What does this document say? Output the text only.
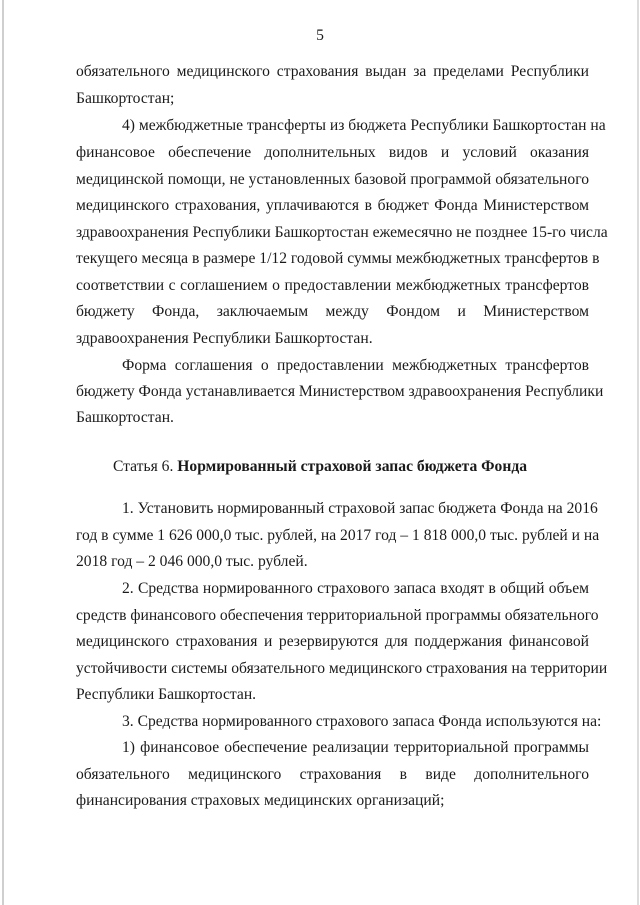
5
обязательного медицинского страхования выдан за пределами Республики
Башкортостан;
4) межбюджетные трансферты из бюджета Республики Башкортостан на
финансовое обеспечение дополнительных видов и условий оказания
медицинской помощи, не установленных базовой программой обязательного
медицинского страхования, уплачиваются в бюджет Фонда Министерством
здравоохранения Республики Башкортостан ежемесячно не позднее 15-го числа
текущего месяца в размере 1/12 годовой суммы межбюджетных трансфертов в
соответствии с соглашением о предоставлении межбюджетных трансфертов
бюджету Фонда, заключаемым между Фондом и Министерством
здравоохранения Республики Башкортостан.
Форма соглашения о предоставлении межбюджетных трансфертов
бюджету Фонда устанавливается Министерством здравоохранения Республики
Башкортостан.
Статья 6. Нормированный страховой запас бюджета Фонда
1. Установить нормированный страховой запас бюджета Фонда на 2016
год в сумме 1 626 000,0 тыс. рублей, на 2017 год – 1 818 000,0 тыс. рублей и на
2018 год – 2 046 000,0 тыс. рублей.
2. Средства нормированного страхового запаса входят в общий объем
средств финансового обеспечения территориальной программы обязательного
медицинского страхования и резервируются для поддержания финансовой
устойчивости системы обязательного медицинского страхования на территории
Республики Башкортостан.
3. Средства нормированного страхового запаса Фонда используются на:
1) финансовое обеспечение реализации территориальной программы
обязательного медицинского страхования в виде дополнительного
финансирования страховых медицинских организаций;
